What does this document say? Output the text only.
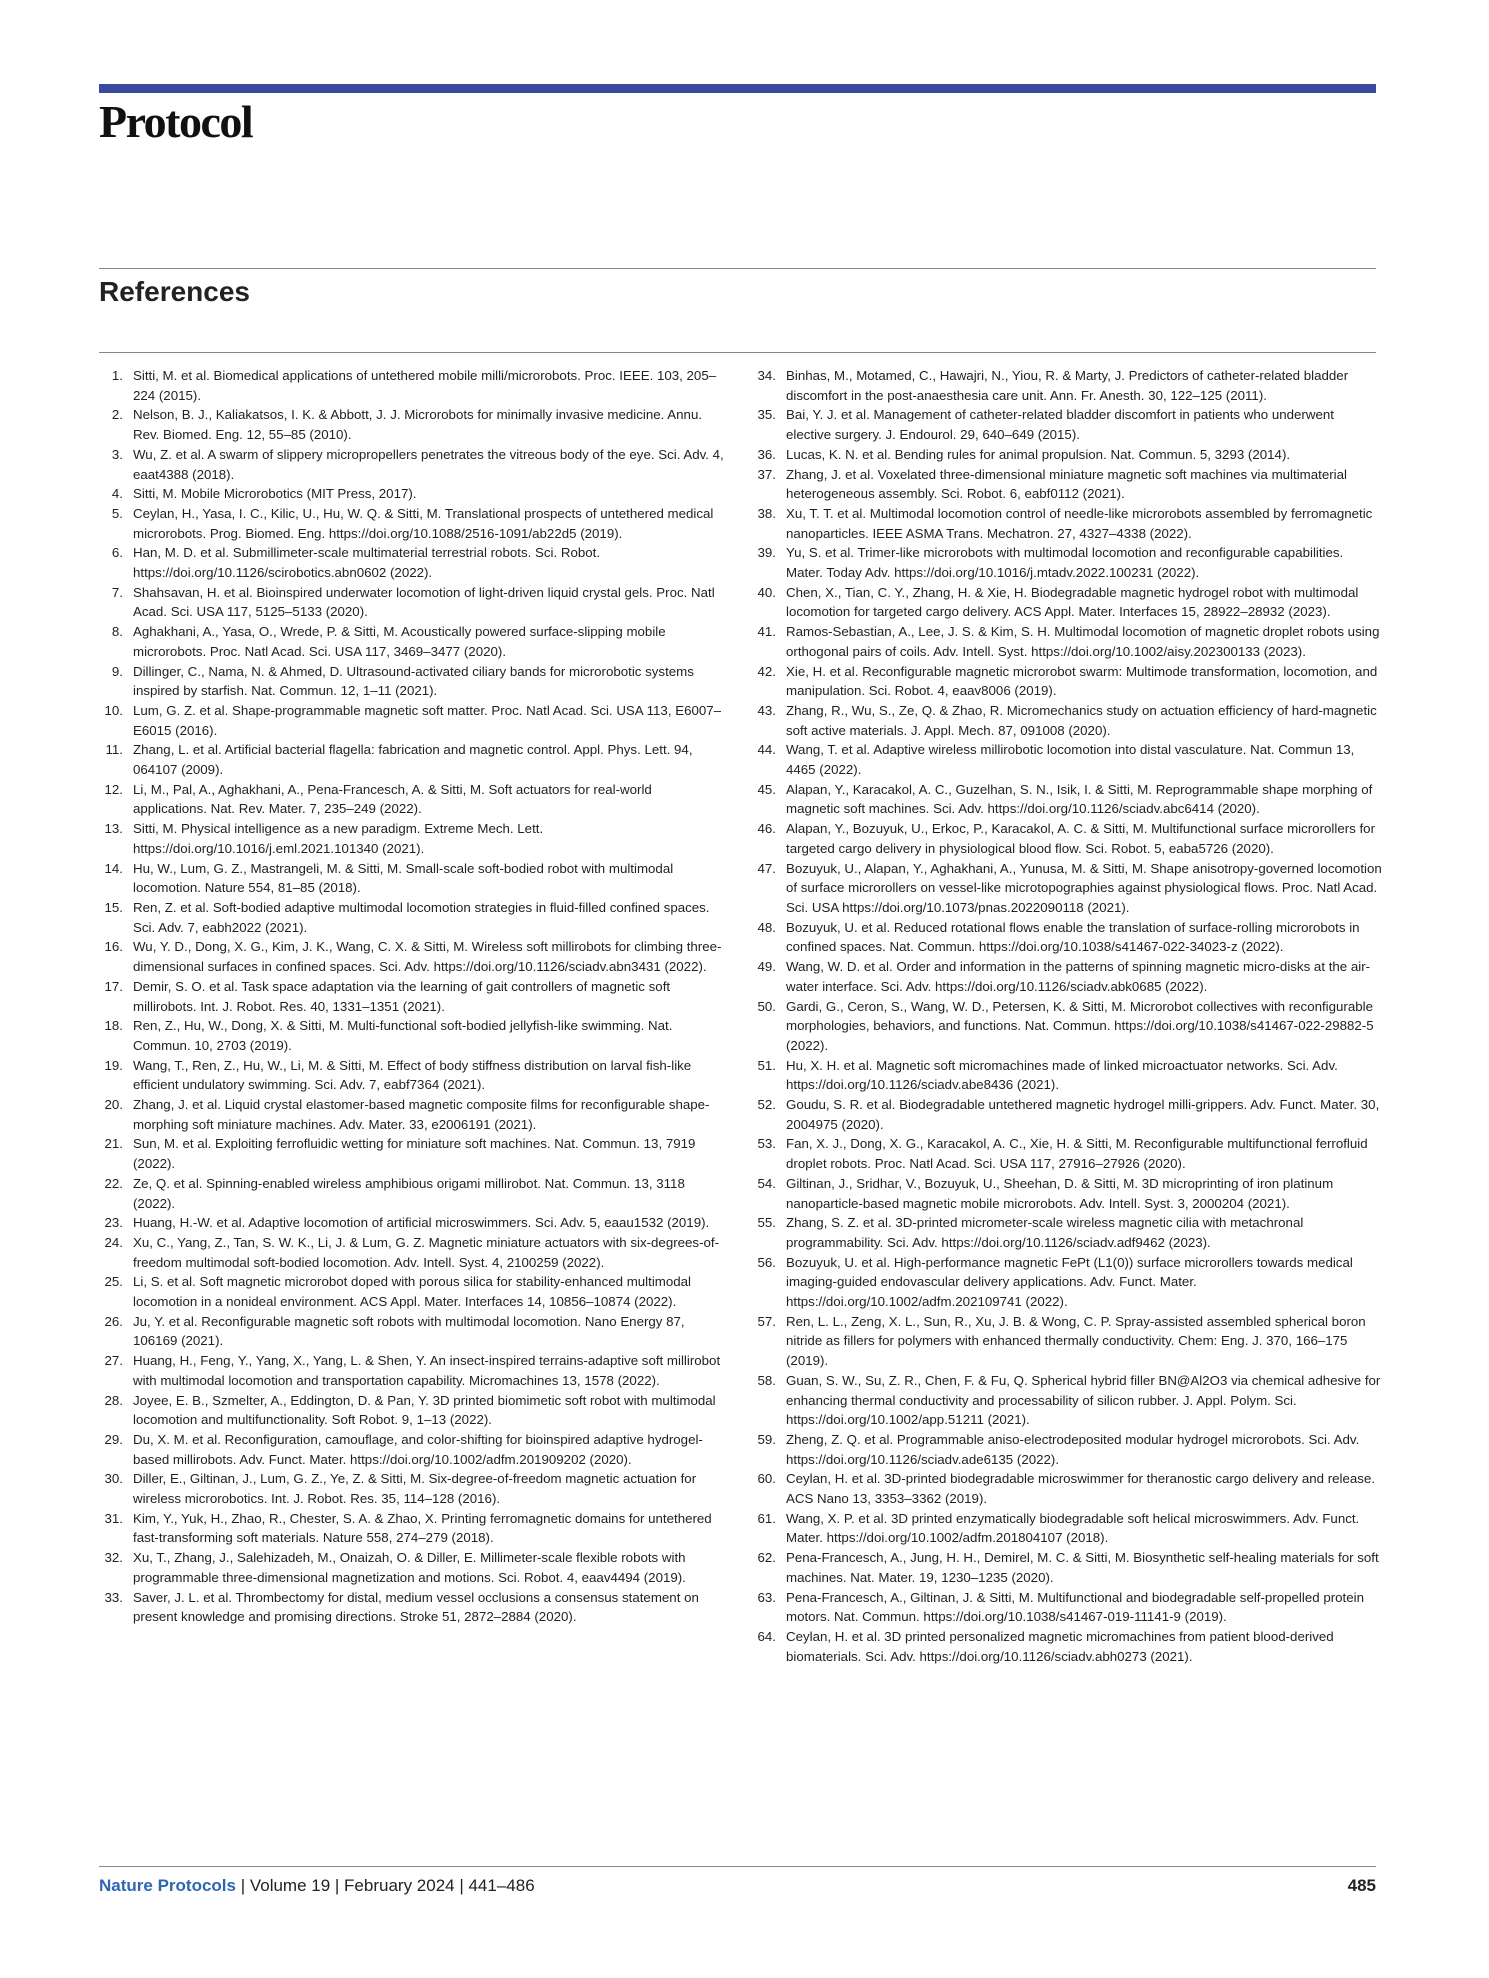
Protocol
References
1. Sitti, M. et al. Biomedical applications of untethered mobile milli/microrobots. Proc. IEEE. 103, 205–224 (2015).
2. Nelson, B. J., Kaliakatsos, I. K. & Abbott, J. J. Microrobots for minimally invasive medicine. Annu. Rev. Biomed. Eng. 12, 55–85 (2010).
3. Wu, Z. et al. A swarm of slippery micropropellers penetrates the vitreous body of the eye. Sci. Adv. 4, eaat4388 (2018).
4. Sitti, M. Mobile Microrobotics (MIT Press, 2017).
5. Ceylan, H., Yasa, I. C., Kilic, U., Hu, W. Q. & Sitti, M. Translational prospects of untethered medical microrobots. Prog. Biomed. Eng. https://doi.org/10.1088/2516-1091/ab22d5 (2019).
6. Han, M. D. et al. Submillimeter-scale multimaterial terrestrial robots. Sci. Robot. https://doi.org/10.1126/scirobotics.abn0602 (2022).
7. Shahsavan, H. et al. Bioinspired underwater locomotion of light-driven liquid crystal gels. Proc. Natl Acad. Sci. USA 117, 5125–5133 (2020).
8. Aghakhani, A., Yasa, O., Wrede, P. & Sitti, M. Acoustically powered surface-slipping mobile microrobots. Proc. Natl Acad. Sci. USA 117, 3469–3477 (2020).
9. Dillinger, C., Nama, N. & Ahmed, D. Ultrasound-activated ciliary bands for microrobotic systems inspired by starfish. Nat. Commun. 12, 1–11 (2021).
10. Lum, G. Z. et al. Shape-programmable magnetic soft matter. Proc. Natl Acad. Sci. USA 113, E6007–E6015 (2016).
11. Zhang, L. et al. Artificial bacterial flagella: fabrication and magnetic control. Appl. Phys. Lett. 94, 064107 (2009).
12. Li, M., Pal, A., Aghakhani, A., Pena-Francesch, A. & Sitti, M. Soft actuators for real-world applications. Nat. Rev. Mater. 7, 235–249 (2022).
13. Sitti, M. Physical intelligence as a new paradigm. Extreme Mech. Lett. https://doi.org/10.1016/j.eml.2021.101340 (2021).
14. Hu, W., Lum, G. Z., Mastrangeli, M. & Sitti, M. Small-scale soft-bodied robot with multimodal locomotion. Nature 554, 81–85 (2018).
15. Ren, Z. et al. Soft-bodied adaptive multimodal locomotion strategies in fluid-filled confined spaces. Sci. Adv. 7, eabh2022 (2021).
16. Wu, Y. D., Dong, X. G., Kim, J. K., Wang, C. X. & Sitti, M. Wireless soft millirobots for climbing three-dimensional surfaces in confined spaces. Sci. Adv. https://doi.org/10.1126/sciadv.abn3431 (2022).
17. Demir, S. O. et al. Task space adaptation via the learning of gait controllers of magnetic soft millirobots. Int. J. Robot. Res. 40, 1331–1351 (2021).
18. Ren, Z., Hu, W., Dong, X. & Sitti, M. Multi-functional soft-bodied jellyfish-like swimming. Nat. Commun. 10, 2703 (2019).
19. Wang, T., Ren, Z., Hu, W., Li, M. & Sitti, M. Effect of body stiffness distribution on larval fish-like efficient undulatory swimming. Sci. Adv. 7, eabf7364 (2021).
20. Zhang, J. et al. Liquid crystal elastomer-based magnetic composite films for reconfigurable shape-morphing soft miniature machines. Adv. Mater. 33, e2006191 (2021).
21. Sun, M. et al. Exploiting ferrofluidic wetting for miniature soft machines. Nat. Commun. 13, 7919 (2022).
22. Ze, Q. et al. Spinning-enabled wireless amphibious origami millirobot. Nat. Commun. 13, 3118 (2022).
23. Huang, H.-W. et al. Adaptive locomotion of artificial microswimmers. Sci. Adv. 5, eaau1532 (2019).
24. Xu, C., Yang, Z., Tan, S. W. K., Li, J. & Lum, G. Z. Magnetic miniature actuators with six-degrees-of-freedom multimodal soft-bodied locomotion. Adv. Intell. Syst. 4, 2100259 (2022).
25. Li, S. et al. Soft magnetic microrobot doped with porous silica for stability-enhanced multimodal locomotion in a nonideal environment. ACS Appl. Mater. Interfaces 14, 10856–10874 (2022).
26. Ju, Y. et al. Reconfigurable magnetic soft robots with multimodal locomotion. Nano Energy 87, 106169 (2021).
27. Huang, H., Feng, Y., Yang, X., Yang, L. & Shen, Y. An insect-inspired terrains-adaptive soft millirobot with multimodal locomotion and transportation capability. Micromachines 13, 1578 (2022).
28. Joyee, E. B., Szmelter, A., Eddington, D. & Pan, Y. 3D printed biomimetic soft robot with multimodal locomotion and multifunctionality. Soft Robot. 9, 1–13 (2022).
29. Du, X. M. et al. Reconfiguration, camouflage, and color-shifting for bioinspired adaptive hydrogel-based millirobots. Adv. Funct. Mater. https://doi.org/10.1002/adfm.201909202 (2020).
30. Diller, E., Giltinan, J., Lum, G. Z., Ye, Z. & Sitti, M. Six-degree-of-freedom magnetic actuation for wireless microrobotics. Int. J. Robot. Res. 35, 114–128 (2016).
31. Kim, Y., Yuk, H., Zhao, R., Chester, S. A. & Zhao, X. Printing ferromagnetic domains for untethered fast-transforming soft materials. Nature 558, 274–279 (2018).
32. Xu, T., Zhang, J., Salehizadeh, M., Onaizah, O. & Diller, E. Millimeter-scale flexible robots with programmable three-dimensional magnetization and motions. Sci. Robot. 4, eaav4494 (2019).
33. Saver, J. L. et al. Thrombectomy for distal, medium vessel occlusions a consensus statement on present knowledge and promising directions. Stroke 51, 2872–2884 (2020).
34. Binhas, M., Motamed, C., Hawajri, N., Yiou, R. & Marty, J. Predictors of catheter-related bladder discomfort in the post-anaesthesia care unit. Ann. Fr. Anesth. 30, 122–125 (2011).
35. Bai, Y. J. et al. Management of catheter-related bladder discomfort in patients who underwent elective surgery. J. Endourol. 29, 640–649 (2015).
36. Lucas, K. N. et al. Bending rules for animal propulsion. Nat. Commun. 5, 3293 (2014).
37. Zhang, J. et al. Voxelated three-dimensional miniature magnetic soft machines via multimaterial heterogeneous assembly. Sci. Robot. 6, eabf0112 (2021).
38. Xu, T. T. et al. Multimodal locomotion control of needle-like microrobots assembled by ferromagnetic nanoparticles. IEEE ASMA Trans. Mechatron. 27, 4327–4338 (2022).
39. Yu, S. et al. Trimer-like microrobots with multimodal locomotion and reconfigurable capabilities. Mater. Today Adv. https://doi.org/10.1016/j.mtadv.2022.100231 (2022).
40. Chen, X., Tian, C. Y., Zhang, H. & Xie, H. Biodegradable magnetic hydrogel robot with multimodal locomotion for targeted cargo delivery. ACS Appl. Mater. Interfaces 15, 28922–28932 (2023).
41. Ramos-Sebastian, A., Lee, J. S. & Kim, S. H. Multimodal locomotion of magnetic droplet robots using orthogonal pairs of coils. Adv. Intell. Syst. https://doi.org/10.1002/aisy.202300133 (2023).
42. Xie, H. et al. Reconfigurable magnetic microrobot swarm: Multimode transformation, locomotion, and manipulation. Sci. Robot. 4, eaav8006 (2019).
43. Zhang, R., Wu, S., Ze, Q. & Zhao, R. Micromechanics study on actuation efficiency of hard-magnetic soft active materials. J. Appl. Mech. 87, 091008 (2020).
44. Wang, T. et al. Adaptive wireless millirobotic locomotion into distal vasculature. Nat. Commun 13, 4465 (2022).
45. Alapan, Y., Karacakol, A. C., Guzelhan, S. N., Isik, I. & Sitti, M. Reprogrammable shape morphing of magnetic soft machines. Sci. Adv. https://doi.org/10.1126/sciadv.abc6414 (2020).
46. Alapan, Y., Bozuyuk, U., Erkoc, P., Karacakol, A. C. & Sitti, M. Multifunctional surface microrollers for targeted cargo delivery in physiological blood flow. Sci. Robot. 5, eaba5726 (2020).
47. Bozuyuk, U., Alapan, Y., Aghakhani, A., Yunusa, M. & Sitti, M. Shape anisotropy-governed locomotion of surface microrollers on vessel-like microtopographies against physiological flows. Proc. Natl Acad. Sci. USA https://doi.org/10.1073/pnas.2022090118 (2021).
48. Bozuyuk, U. et al. Reduced rotational flows enable the translation of surface-rolling microrobots in confined spaces. Nat. Commun. https://doi.org/10.1038/s41467-022-34023-z (2022).
49. Wang, W. D. et al. Order and information in the patterns of spinning magnetic micro-disks at the air-water interface. Sci. Adv. https://doi.org/10.1126/sciadv.abk0685 (2022).
50. Gardi, G., Ceron, S., Wang, W. D., Petersen, K. & Sitti, M. Microrobot collectives with reconfigurable morphologies, behaviors, and functions. Nat. Commun. https://doi.org/10.1038/s41467-022-29882-5 (2022).
51. Hu, X. H. et al. Magnetic soft micromachines made of linked microactuator networks. Sci. Adv. https://doi.org/10.1126/sciadv.abe8436 (2021).
52. Goudu, S. R. et al. Biodegradable untethered magnetic hydrogel milli-grippers. Adv. Funct. Mater. 30, 2004975 (2020).
53. Fan, X. J., Dong, X. G., Karacakol, A. C., Xie, H. & Sitti, M. Reconfigurable multifunctional ferrofluid droplet robots. Proc. Natl Acad. Sci. USA 117, 27916–27926 (2020).
54. Giltinan, J., Sridhar, V., Bozuyuk, U., Sheehan, D. & Sitti, M. 3D microprinting of iron platinum nanoparticle-based magnetic mobile microrobots. Adv. Intell. Syst. 3, 2000204 (2021).
55. Zhang, S. Z. et al. 3D-printed micrometer-scale wireless magnetic cilia with metachronal programmability. Sci. Adv. https://doi.org/10.1126/sciadv.adf9462 (2023).
56. Bozuyuk, U. et al. High-performance magnetic FePt (L1(0)) surface microrollers towards medical imaging-guided endovascular delivery applications. Adv. Funct. Mater. https://doi.org/10.1002/adfm.202109741 (2022).
57. Ren, L. L., Zeng, X. L., Sun, R., Xu, J. B. & Wong, C. P. Spray-assisted assembled spherical boron nitride as fillers for polymers with enhanced thermally conductivity. Chem: Eng. J. 370, 166–175 (2019).
58. Guan, S. W., Su, Z. R., Chen, F. & Fu, Q. Spherical hybrid filler BN@Al2O3 via chemical adhesive for enhancing thermal conductivity and processability of silicon rubber. J. Appl. Polym. Sci. https://doi.org/10.1002/app.51211 (2021).
59. Zheng, Z. Q. et al. Programmable aniso-electrodeposited modular hydrogel microrobots. Sci. Adv. https://doi.org/10.1126/sciadv.ade6135 (2022).
60. Ceylan, H. et al. 3D-printed biodegradable microswimmer for theranostic cargo delivery and release. ACS Nano 13, 3353–3362 (2019).
61. Wang, X. P. et al. 3D printed enzymatically biodegradable soft helical microswimmers. Adv. Funct. Mater. https://doi.org/10.1002/adfm.201804107 (2018).
62. Pena-Francesch, A., Jung, H. H., Demirel, M. C. & Sitti, M. Biosynthetic self-healing materials for soft machines. Nat. Mater. 19, 1230–1235 (2020).
63. Pena-Francesch, A., Giltinan, J. & Sitti, M. Multifunctional and biodegradable self-propelled protein motors. Nat. Commun. https://doi.org/10.1038/s41467-019-11141-9 (2019).
64. Ceylan, H. et al. 3D printed personalized magnetic micromachines from patient blood-derived biomaterials. Sci. Adv. https://doi.org/10.1126/sciadv.abh0273 (2021).
Nature Protocols | Volume 19 | February 2024 | 441–486	485
